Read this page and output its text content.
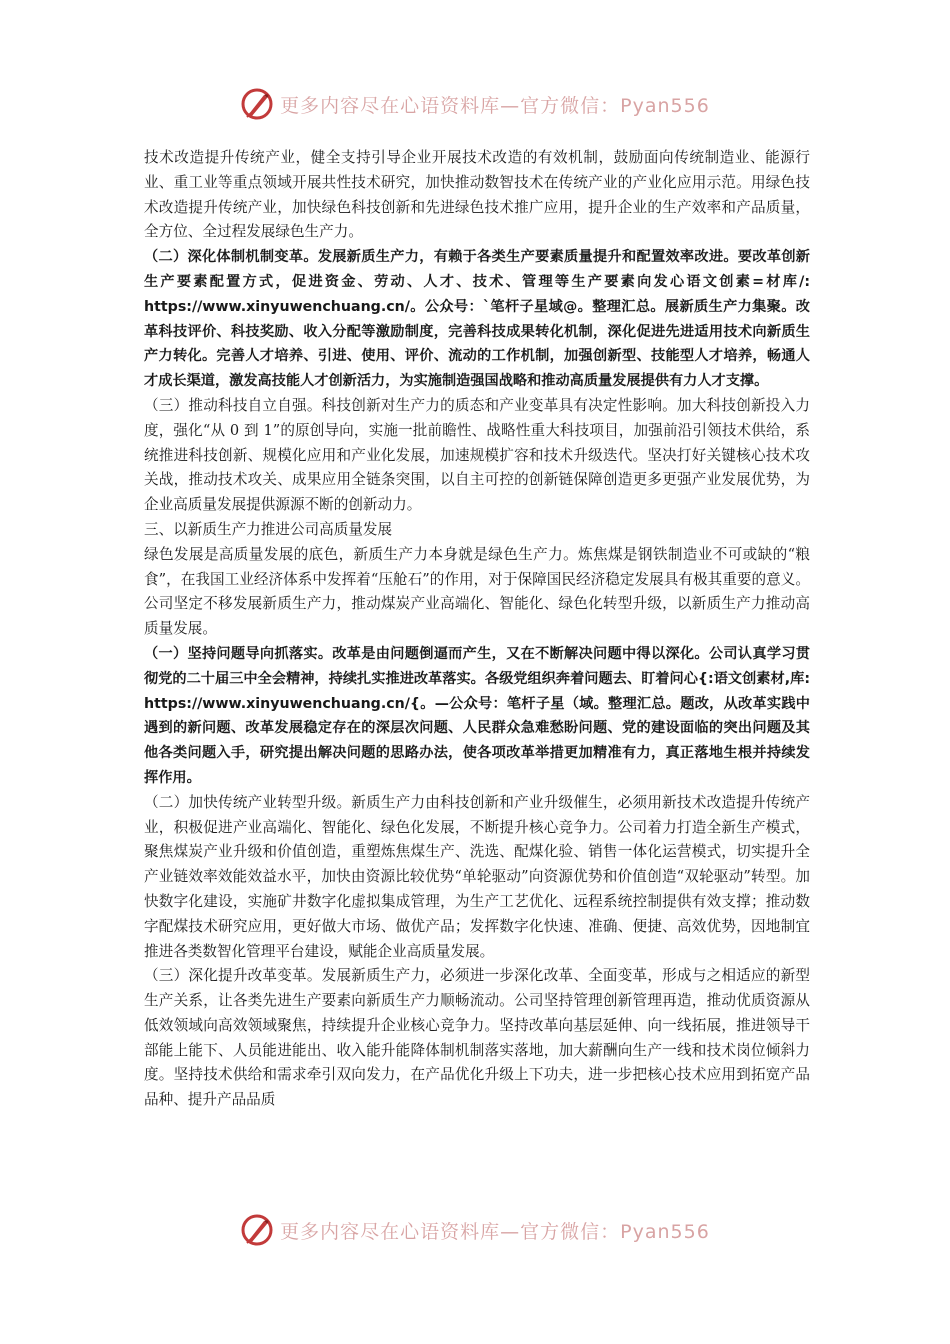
更多内容尽在心语资料库—官方微信：Pyan556

技术改造提升传统产业，健全支持引导企业开展技术改造的有效机制，鼓励面向传统制造业、能源行业、重工业等重点领域开展共性技术研究，加快推动数智技术在传统产业的产业化应用示范。用绿色技术改造提升传统产业，加快绿色科技创新和先进绿色技术推广应用，提升企业的生产效率和产品质量，全方位、全过程发展绿色生产力。

（二）深化体制机制变革。发展新质生产力，有赖于各类生产要素质量提升和配置效率改进。要改革创新生产要素配置方式，促进资金、劳动、人才、技术、管理等生产要素向发心语文创素=材库/: https://www.xinyuwenchuang.cn/。公众号：`笔杆子星域@。整理汇总。展新质生产力集聚。改革科技评价、科技奖励、收入分配等激励制度，完善科技成果转化机制，深化促进先进适用技术向新质生产力转化。完善人才培养、引进、使用、评价、流动的工作机制，加强创新型、技能型人才培养，畅通人才成长渠道，激发高技能人才创新活力，为实施制造强国战略和推动高质量发展提供有力人才支撑。

（三）推动科技自立自强。科技创新对生产力的质态和产业变革具有决定性影响。加大科技创新投入力度，强化“从 0 到 1”的原创导向，实施一批前瞻性、战略性重大科技项目，加强前沿引领技术供给，系统推进科技创新、规模化应用和产业化发展，加速规模扩容和技术升级迭代。坚决打好关键核心技术攻关战，推动技术攻关、成果应用全链条突围，以自主可控的创新链保障创造更多更强产业发展优势，为企业高质量发展提供源源不断的创新动力。

三、以新质生产力推进公司高质量发展

绿色发展是高质量发展的底色，新质生产力本身就是绿色生产力。炼焦煤是钢铁制造业不可或缺的“粮食”，在我国工业经济体系中发挥着“压舱石”的作用，对于保障国民经济稳定发展具有极其重要的意义。公司坚定不移发展新质生产力，推动煤炭产业高端化、智能化、绿色化转型升级，以新质生产力推动高质量发展。

（一）坚持问题导向抓落实。改革是由问题倒逼而产生，又在不断解决问题中得以深化。公司认真学习贯彻党的二十届三中全会精神，持续扎实推进改革落实。各级党组织奔着问题去、盯着问心{:语文创素材,库: https://www.xinyuwenchuang.cn/{。—公众号：笔杆子星（域。整理汇总。题改，从改革实践中遇到的新问题、改革发展稳定存在的深层次问题、人民群众急难愁盼问题、党的建设面临的突出问题及其他各类问题入手，研究提出解决问题的思路办法，使各项改革举措更加精准有力，真正落地生根并持续发挥作用。

（二）加快传统产业转型升级。新质生产力由科技创新和产业升级催生，必须用新技术改造提升传统产业，积极促进产业高端化、智能化、绿色化发展，不断提升核心竞争力。公司着力打造全新生产模式，聚焦煤炭产业升级和价值创造，重塑炼焦煤生产、洗选、配煤化验、销售一体化运营模式，切实提升全产业链效率效能效益水平，加快由资源比较优势“单轮驱动”向资源优势和价值创造“双轮驱动”转型。加快数字化建设，实施矿井数字化虚拟集成管理，为生产工艺优化、远程系统控制提供有效支撑；推动数字配煤技术研究应用，更好做大市场、做优产品；发挥数字化快速、准确、便捷、高效优势，因地制宜推进各类数智化管理平台建设，赋能企业高质量发展。

（三）深化提升改革变革。发展新质生产力，必须进一步深化改革、全面变革，形成与之相适应的新型生产关系，让各类先进生产要素向新质生产力顺畅流动。公司坚持管理创新管理再造，推动优质资源从低效领域向高效领域聚焦，持续提升企业核心竞争力。坚持改革向基层延伸、向一线拓展，推进领导干部能上能下、人员能进能出、收入能升能降体制机制落实落地，加大薪酬向生产一线和技术岗位倾斜力度。坚持技术供给和需求牵引双向发力，在产品优化升级上下功夫，进一步把核心技术应用到拓宽产品品种、提升产品品质

更多内容尽在心语资料库—官方微信：Pyan556
